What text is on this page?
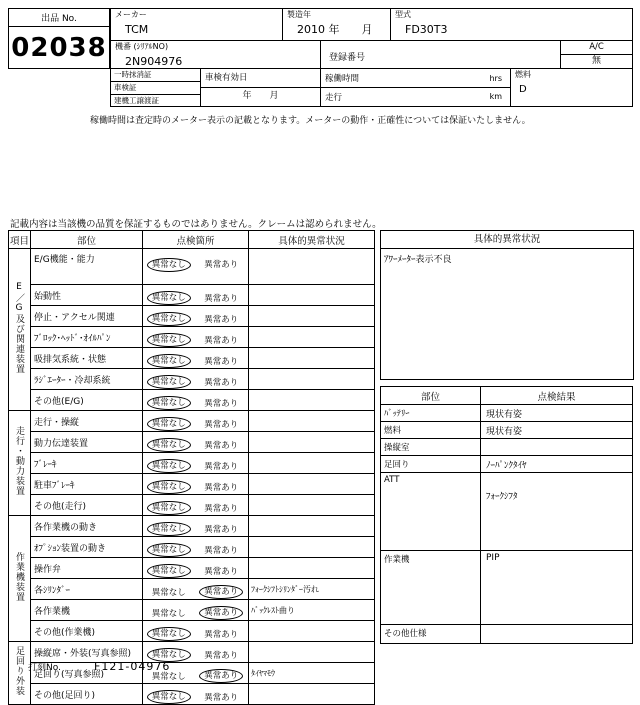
出品 No.
02038
メーカー
TCM

製造年
2010 年　　月

型式
FD30T3

機番 (ｼﾘｱﾙNO)
2N904976	登録番号

A/C
無

一時抹消証
車検証
建機工譲渡証

車検有効日
年　　月

稼働時間	hrs
走行	km

燃料
D
稼働時間は査定時のメーター表示の記載となります。メーターの動作・正確性については保証いたしません。
記載内容は当該機の品質を保証するものではありません。クレームは認められません。
項目	部位	点検箇所		具体的異常状況
E／G及び関連装置	E/G機能・能力	異常なし	異常あり	
	始動性	異常なし	異常あり	
	停止・アクセル関連	異常なし	異常あり	
	ﾌﾞﾛｯｸ･ﾍｯﾄﾞ･ｵｲﾙﾊﾟﾝ	異常なし	異常あり	
	吸排気系統・状態	異常なし	異常あり	
	ﾗｼﾞｴｰﾀｰ・冷却系統	異常なし	異常あり	
	その他(E/G)	異常なし	異常あり	
走行・動力装置	走行・操縦	異常なし	異常あり	
	動力伝達装置	異常なし	異常あり	
	ﾌﾞﾚｰｷ	異常なし	異常あり	
	駐車ﾌﾞﾚｰｷ	異常なし	異常あり	
	その他(走行)	異常なし	異常あり	
作業機装置	各作業機の動き	異常なし	異常あり	
	ｵﾌﾟｼｮﾝ装置の動き	異常なし	異常あり	
	操作弁	異常なし	異常あり	
	各ｼﾘﾝﾀﾞｰ	異常なし	異常あり	ﾌｫｰｸｼﾌﾄｼﾘﾝﾀﾞｰ汚れ
	各作業機	異常なし	異常あり	ﾊﾞｯｸﾚｽﾄ曲り
	その他(作業機)	異常なし	異常あり	
足回り外装	操縦席・外装(写真参照)	異常なし	異常あり	
	足回り(写真参照)	異常なし	異常あり	ﾀｲﾔﾏﾓｳ
	その他(足回り)	異常なし	異常あり	
具体的異常状況
ｱﾜｰﾒｰﾀｰ表示不良
部位	点検結果
ﾊﾞｯﾃﾘｰ	現状有姿
燃料	現状有姿
操縦室	
足回り	ﾉｰﾊﾟﾝｸﾀｲﾔ
ATT	ﾌｫｰｸｼﾌﾀ
作業機	PIP
その他仕様	
打刻No.	F121-04976
